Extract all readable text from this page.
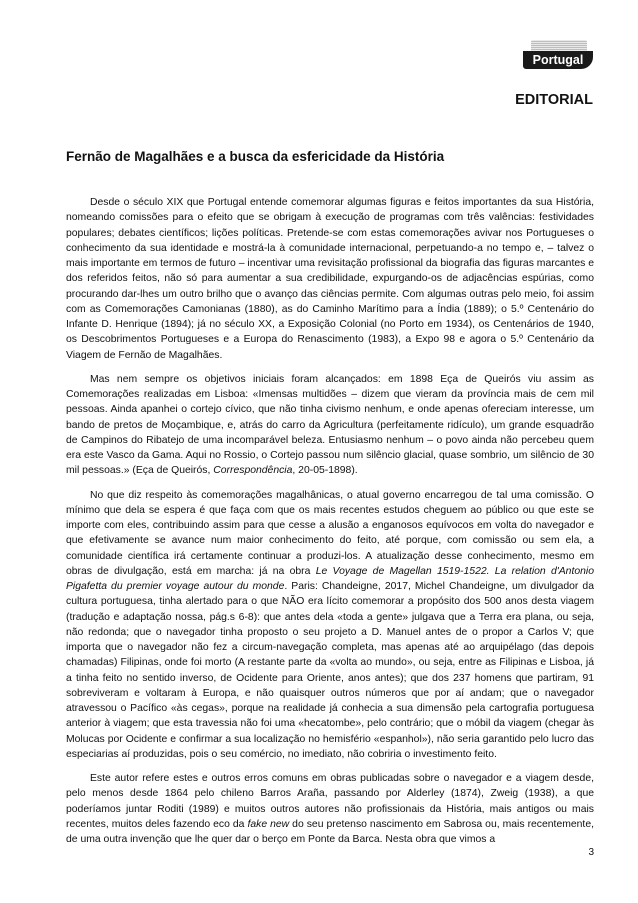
Portugal
EDITORIAL
Fernão de Magalhães e a busca da esfericidade da História

Desde o século XIX que Portugal entende comemorar algumas figuras e feitos importantes da sua História, nomeando comissões para o efeito que se obrigam à execução de programas com três valências: festividades populares; debates científicos; lições políticas. Pretende-se com estas comemorações avivar nos Portugueses o conhecimento da sua identidade e mostrá-la à comunidade internacional, perpetuando-a no tempo e, – talvez o mais importante em termos de futuro – incentivar uma revisitação profissional da biografia das figuras marcantes e dos referidos feitos, não só para aumentar a sua credibilidade, expurgando-os de adjacências espúrias, como procurando dar-lhes um outro brilho que o avanço das ciências permite. Com algumas outras pelo meio, foi assim com as Comemorações Camonianas (1880), as do Caminho Marítimo para a Índia (1889); o 5.º Centenário do Infante D. Henrique (1894); já no século XX, a Exposição Colonial (no Porto em 1934), os Centenários de 1940, os Descobrimentos Portugueses e a Europa do Renascimento (1983), a Expo 98 e agora o 5.º Centenário da Viagem de Fernão de Magalhães.

Mas nem sempre os objetivos iniciais foram alcançados: em 1898 Eça de Queirós viu assim as Comemorações realizadas em Lisboa: «Imensas multidões – dizem que vieram da província mais de cem mil pessoas. Ainda apanhei o cortejo cívico, que não tinha civismo nenhum, e onde apenas ofereciam interesse, um bando de pretos de Moçambique, e, atrás do carro da Agricultura (perfeitamente ridículo), um grande esquadrão de Campinos do Ribatejo de uma incomparável beleza. Entusiasmo nenhum – o povo ainda não percebeu quem era este Vasco da Gama. Aqui no Rossio, o Cortejo passou num silêncio glacial, quase sombrio, um silêncio de 30 mil pessoas.» (Eça de Queirós, Correspondência, 20-05-1898).

No que diz respeito às comemorações magalhânicas, o atual governo encarregou de tal uma comissão. O mínimo que dela se espera é que faça com que os mais recentes estudos cheguem ao público ou que este se importe com eles, contribuindo assim para que cesse a alusão a enganosos equívocos em volta do navegador e que efetivamente se avance num maior conhecimento do feito, até porque, com comissão ou sem ela, a comunidade científica irá certamente continuar a produzi-los. A atualização desse conhecimento, mesmo em obras de divulgação, está em marcha: já na obra Le Voyage de Magellan 1519-1522. La relation d'Antonio Pigafetta du premier voyage autour du monde. Paris: Chandeigne, 2017, Michel Chandeigne, um divulgador da cultura portuguesa, tinha alertado para o que NÃO era lícito comemorar a propósito dos 500 anos desta viagem (tradução e adaptação nossa, pág.s 6-8): que antes dela «toda a gente» julgava que a Terra era plana, ou seja, não redonda; que o navegador tinha proposto o seu projeto a D. Manuel antes de o propor a Carlos V; que importa que o navegador não fez a circum-navegação completa, mas apenas até ao arquipélago (das depois chamadas) Filipinas, onde foi morto (A restante parte da «volta ao mundo», ou seja, entre as Filipinas e Lisboa, já a tinha feito no sentido inverso, de Ocidente para Oriente, anos antes); que dos 237 homens que partiram, 91 sobreviveram e voltaram à Europa, e não quaisquer outros números que por aí andam; que o navegador atravessou o Pacífico «às cegas», porque na realidade já conhecia a sua dimensão pela cartografia portuguesa anterior à viagem; que esta travessia não foi uma «hecatombe», pelo contrário; que o móbil da viagem (chegar às Molucas por Ocidente e confirmar a sua localização no hemisfério «espanhol»), não seria garantido pelo lucro das especiarias aí produzidas, pois o seu comércio, no imediato, não cobriria o investimento feito.

Este autor refere estes e outros erros comuns em obras publicadas sobre o navegador e a viagem desde, pelo menos desde 1864 pelo chileno Barros Araña, passando por Alderley (1874), Zweig (1938), a que poderíamos juntar Roditi (1989) e muitos outros autores não profissionais da História, mais antigos ou mais recentes, muitos deles fazendo eco da fake new do seu pretenso nascimento em Sabrosa ou, mais recentemente, de uma outra invenção que lhe quer dar o berço em Ponte da Barca. Nesta obra que vimos a

3
